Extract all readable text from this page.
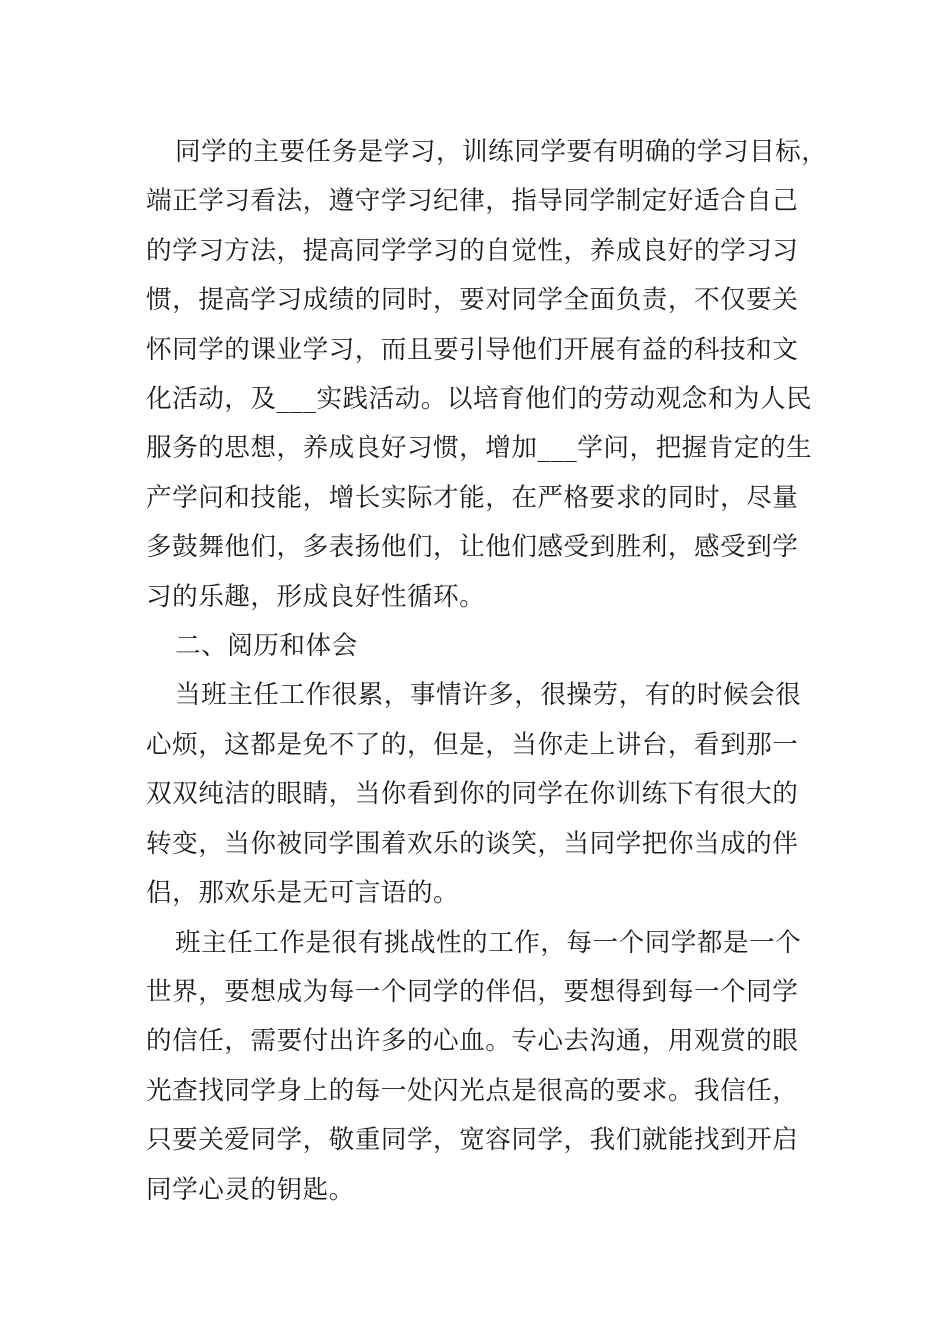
同学的主要任务是学习，训练同学要有明确的学习目标，
端正学习看法，遵守学习纪律，指导同学制定好适合自己
的学习方法，提高同学学习的自觉性，养成良好的学习习
惯，提高学习成绩的同时，要对同学全面负责，不仅要关
怀同学的课业学习，而且要引导他们开展有益的科技和文
化活动，及___实践活动。以培育他们的劳动观念和为人民
服务的思想，养成良好习惯，增加___学问，把握肯定的生
产学问和技能，增长实际才能，在严格要求的同时，尽量
多鼓舞他们，多表扬他们，让他们感受到胜利，感受到学
习的乐趣，形成良好性循环。

二、阅历和体会

当班主任工作很累，事情许多，很操劳，有的时候会很
心烦，这都是免不了的，但是，当你走上讲台，看到那一
双双纯洁的眼睛，当你看到你的同学在你训练下有很大的
转变，当你被同学围着欢乐的谈笑，当同学把你当成的伴
侣，那欢乐是无可言语的。

班主任工作是很有挑战性的工作，每一个同学都是一个
世界，要想成为每一个同学的伴侣，要想得到每一个同学
的信任，需要付出许多的心血。专心去沟通，用观赏的眼
光查找同学身上的每一处闪光点是很高的要求。我信任，
只要关爱同学，敬重同学，宽容同学，我们就能找到开启
同学心灵的钥匙。
